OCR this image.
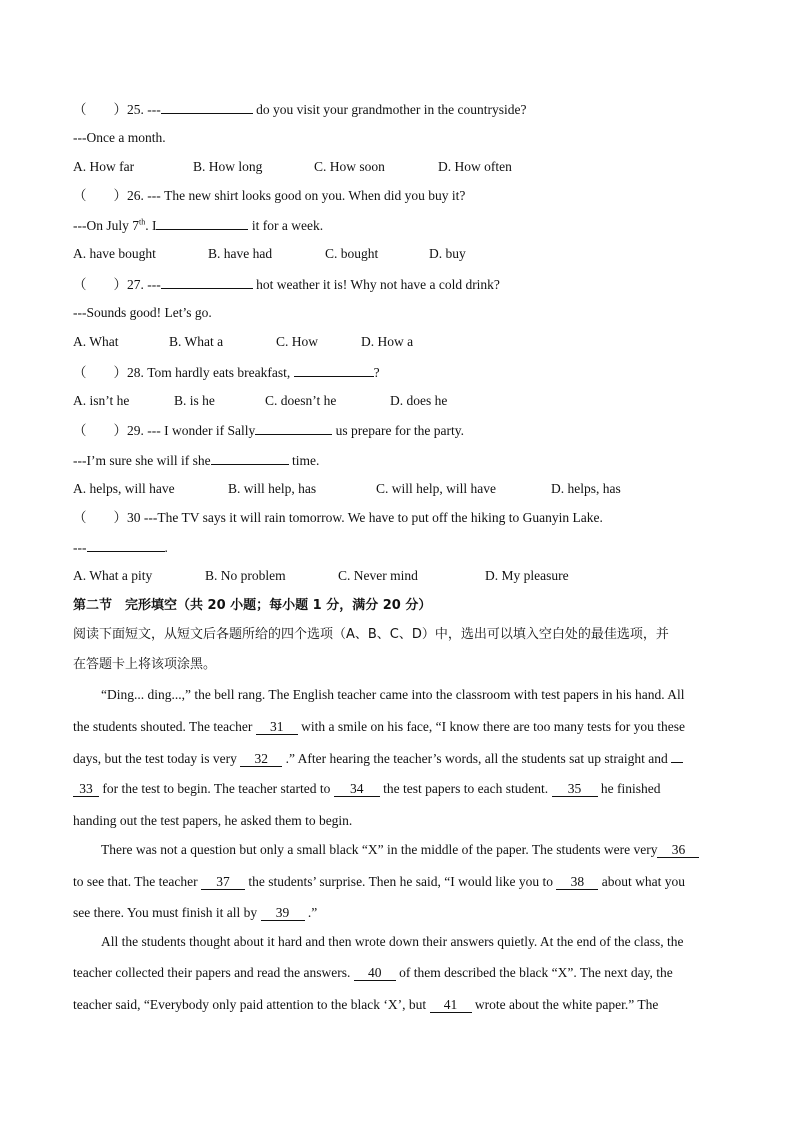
（　　）25. ---	do you visit your grandmother in the countryside?
---Once a month.
A. How far	B. How long	C. How soon	D. How often
（　　）26. --- The new shirt looks good on you. When did you buy it?
---On July 7th. I	it for a week.
A. have bought	B. have had	C. bought	D. buy
（　　）27. ---	hot weather it is! Why not have a cold drink?
---Sounds good! Let’s go.
A. What	B. What a	C. How	D. How a
（　　）28. Tom hardly eats breakfast,	?
A. isn’t he	B. is he	C. doesn’t he	D. does he
（　　）29. --- I wonder if Sally	us prepare for the party.
---I’m sure she will if she	time.
A. helps, will have	B. will help, has	C. will help, will have	D. helps, has
（　　）30 ---The TV says it will rain tomorrow. We have to put off the hiking to Guanyin Lake.
---	.
A. What a pity	B. No problem	C. Never mind	D. My pleasure
第二节　完形填空（共 20 小题；每小题 1 分，满分 20 分）
阅读下面短文，从短文后各题所给的四个选项（A、B、C、D）中，选出可以填入空白处的最佳选项，并
在答题卡上将该项涂黑。
“Ding... ding...,” the bell rang. The English teacher came into the classroom with test papers in his hand. All
the students shouted. The teacher 31 with a smile on his face, “I know there are too many tests for you these
days, but the test today is very 32 .” After hearing the teacher’s words, all the students sat up straight and
33 for the test to begin. The teacher started to 34 the test papers to each student. 35 he finished
handing out the test papers, he asked them to begin.
There was not a question but only a small black “X” in the middle of the paper. The students were very 36
to see that. The teacher 37 the students’ surprise. Then he said, “I would like you to 38 about what you
see there. You must finish it all by 39 .”
All the students thought about it hard and then wrote down their answers quietly. At the end of the class, the
teacher collected their papers and read the answers. 40 of them described the black “X”. The next day, the
teacher said, “Everybody only paid attention to the black ‘X’, but 41 wrote about the white paper.” The
